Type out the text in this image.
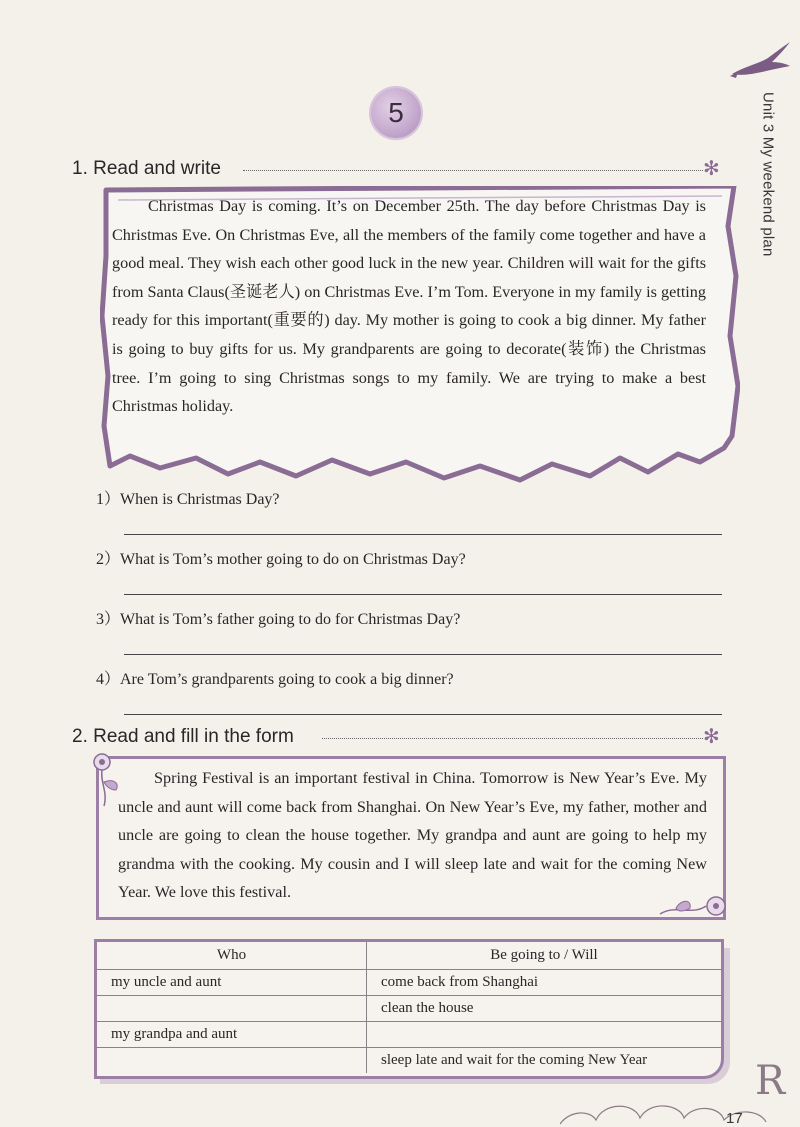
Unit 3 My weekend plan
5
1. Read and write	✻
Christmas Day is coming. It’s on December 25th. The day before Christmas Day is Christmas Eve. On Christmas Eve, all the members of the family come together and have a good meal. They wish each other good luck in the new year. Children will wait for the gifts from Santa Claus(圣诞老人) on Christmas Eve. I’m Tom. Everyone in my family is getting ready for this important(重要的) day. My mother is going to cook a big dinner. My father is going to buy gifts for us. My grandparents are going to decorate(装饰) the Christmas tree. I’m going to sing Christmas songs to my family. We are trying to make a best Christmas holiday.
1）When is Christmas Day?
2）What is Tom’s mother going to do on Christmas Day?
3）What is Tom’s father going to do for Christmas Day?
4）Are Tom’s grandparents going to cook a big dinner?
2. Read and fill in the form	✻
Spring Festival is an important festival in China. Tomorrow is New Year’s Eve. My uncle and aunt will come back from Shanghai. On New Year’s Eve, my father, mother and uncle are going to clean the house together. My grandpa and aunt are going to help my grandma with the cooking. My cousin and I will sleep late and wait for the coming New Year. We love this festival.
Who	Be going to / Will
my uncle and aunt	come back from Shanghai
	clean the house
my grandpa and aunt	
	sleep late and wait for the coming New Year	R
17
